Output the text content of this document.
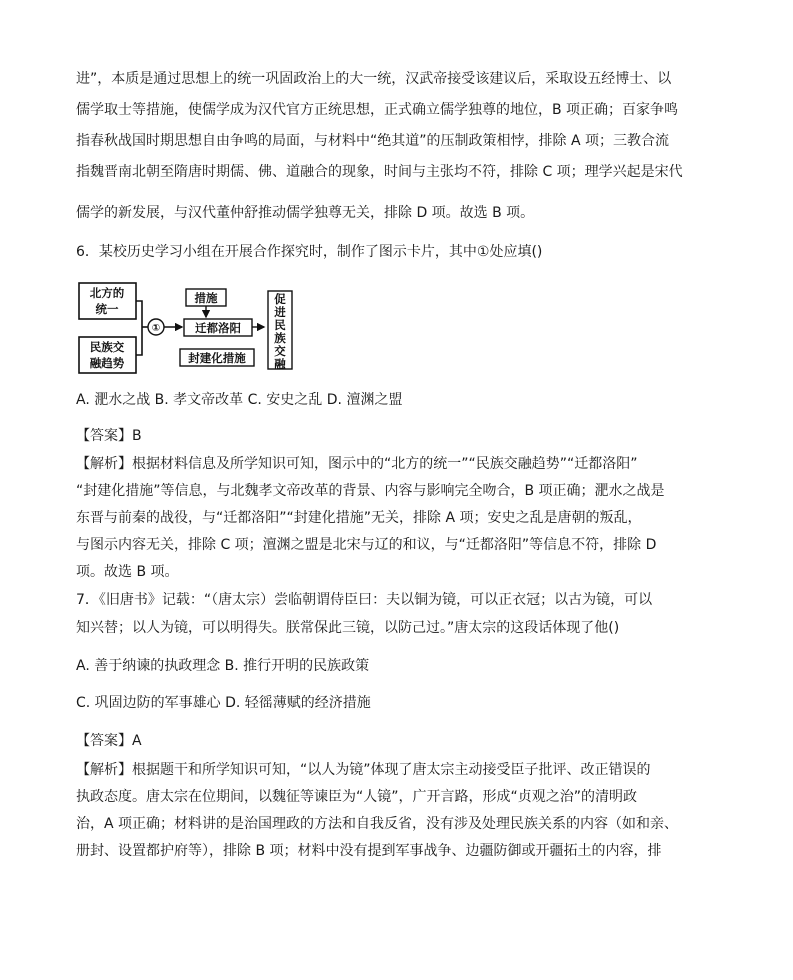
进”，本质是通过思想上的统一巩固政治上的大一统，汉武帝接受该建议后，采取设五经博士、以
儒学取士等措施，使儒学成为汉代官方正统思想，正式确立儒学独尊的地位，B 项正确；百家争鸣
指春秋战国时期思想自由争鸣的局面，与材料中“绝其道”的压制政策相悖，排除 A 项；三教合流
指魏晋南北朝至隋唐时期儒、佛、道融合的现象，时间与主张均不符，排除 C 项；理学兴起是宋代
儒学的新发展，与汉代董仲舒推动儒学独尊无关，排除 D 项。故选 B 项。
6．某校历史学习小组在开展合作探究时，制作了图示卡片，其中①处应填()
北方的
统一
民族交
融趋势
①
措施
迁都洛阳
封建化措施
促
进
民
族
交
融
A. 淝水之战 B. 孝文帝改革 C. 安史之乱 D. 澶渊之盟
【答案】B
【解析】根据材料信息及所学知识可知，图示中的“北方的统一”“民族交融趋势”“迁都洛阳”
“封建化措施”等信息，与北魏孝文帝改革的背景、内容与影响完全吻合，B 项正确；淝水之战是
东晋与前秦的战役，与“迁都洛阳”“封建化措施”无关，排除 A 项；安史之乱是唐朝的叛乱，
与图示内容无关，排除 C 项；澶渊之盟是北宋与辽的和议，与“迁都洛阳”等信息不符，排除 D
项。故选 B 项。
7．《旧唐书》记载：“（唐太宗）尝临朝谓侍臣曰：夫以铜为镜，可以正衣冠；以古为镜，可以
知兴替；以人为镜，可以明得失。朕常保此三镜，以防己过。”唐太宗的这段话体现了他()
A. 善于纳谏的执政理念 B. 推行开明的民族政策
C. 巩固边防的军事雄心 D. 轻徭薄赋的经济措施
【答案】A
【解析】根据题干和所学知识可知，“以人为镜”体现了唐太宗主动接受臣子批评、改正错误的
执政态度。唐太宗在位期间，以魏征等谏臣为“人镜”，广开言路，形成“贞观之治”的清明政
治，A 项正确；材料讲的是治国理政的方法和自我反省，没有涉及处理民族关系的内容（如和亲、
册封、设置都护府等），排除 B 项；材料中没有提到军事战争、边疆防御或开疆拓土的内容，排
